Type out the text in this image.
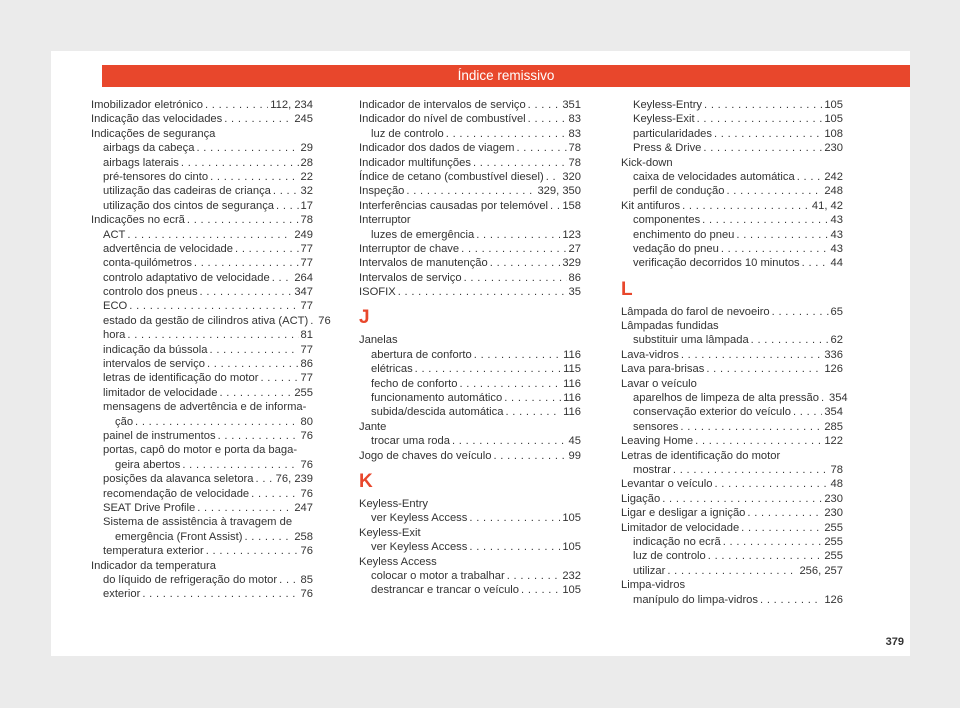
Índice remissivo
Imobilizador eletrónico . . .	112, 234
Indicação das velocidades . . .	245
Indicações de segurança
airbags da cabeça . . .	29
airbags laterais . . .	28
pré-tensores do cinto . . .	22
utilização das cadeiras de criança . . .	32
utilização dos cintos de segurança . . . 17
Indicações no ecrã . . .	78
ACT . . .	249
advertência de velocidade . . .	77
conta-quilómetros . . .	77
controlo adaptativo de velocidade . . . 264
controlo dos pneus . . .	347
ECO . . .	77
estado da gestão de cilindros ativa (ACT) . . . 76
hora . . .	81
indicação da bússola . . .	77
intervalos de serviço . . .	86
letras de identificação do motor . . .	77
limitador de velocidade . . .	255
mensagens de advertência e de informa-
ção . . .	80
painel de instrumentos . . .	76
portas, capô do motor e porta da baga-
geira abertos . . .	76
posições da alavanca seletora . . . 76, 239
recomendação de velocidade . . .	76
SEAT Drive Profile . . .	247
Sistema de assistência à travagem de
emergência (Front Assist) . . .	258
temperatura exterior . . .	76
Indicador da temperatura
do líquido de refrigeração do motor . . . 85
exterior . . .	76
Indicador de intervalos de serviço . . .	351
Indicador do nível de combustível . . .	83
luz de controlo . . .	83
Indicador dos dados de viagem . . .	78
Indicador multifunções . . .	78
Índice de cetano (combustível diesel) . . . 320
Inspeção . . .	329, 350
Interferências causadas por telemóvel . . . 158
Interruptor
luzes de emergência . . .	123
Interruptor de chave . . .	27
Intervalos de manutenção . . .	329
Intervalos de serviço . . .	86
ISOFIX . . .	35
J
Janelas
abertura de conforto . . .	116
elétricas . . .	115
fecho de conforto . . .	116
funcionamento automático . . .	116
subida/descida automática . . .	116
Jante
trocar uma roda . . .	45
Jogo de chaves do veículo . . .	99
K
Keyless-Entry
ver Keyless Access . . .	105
Keyless-Exit
ver Keyless Access . . .	105
Keyless Access
colocar o motor a trabalhar . . .	232
destrancar e trancar o veículo . . .	105
Keyless-Entry . . .	105
Keyless-Exit . . .	105
particularidades . . .	108
Press & Drive . . .	230
Kick-down
caixa de velocidades automática . . .	242
perfil de condução . . .	248
Kit antifuros . . .	41, 42
componentes . . .	43
enchimento do pneu . . .	43
vedação do pneu . . .	43
verificação decorridos 10 minutos . . .	44
L
Lâmpada do farol de nevoeiro . . .	65
Lâmpadas fundidas
substituir uma lâmpada . . .	62
Lava-vidros . . .	336
Lava para-brisas . . .	126
Lavar o veículo
aparelhos de limpeza de alta pressão . . . 354
conservação exterior do veículo . . .	354
sensores . . .	285
Leaving Home . . .	122
Letras de identificação do motor
mostrar . . .	78
Levantar o veículo . . .	48
Ligação . . .	230
Ligar e desligar a ignição . . .	230
Limitador de velocidade . . .	255
indicação no ecrã . . .	255
luz de controlo . . .	255
utilizar . . .	256, 257
Limpa-vidros
manípulo do limpa-vidros . . .	126
379
